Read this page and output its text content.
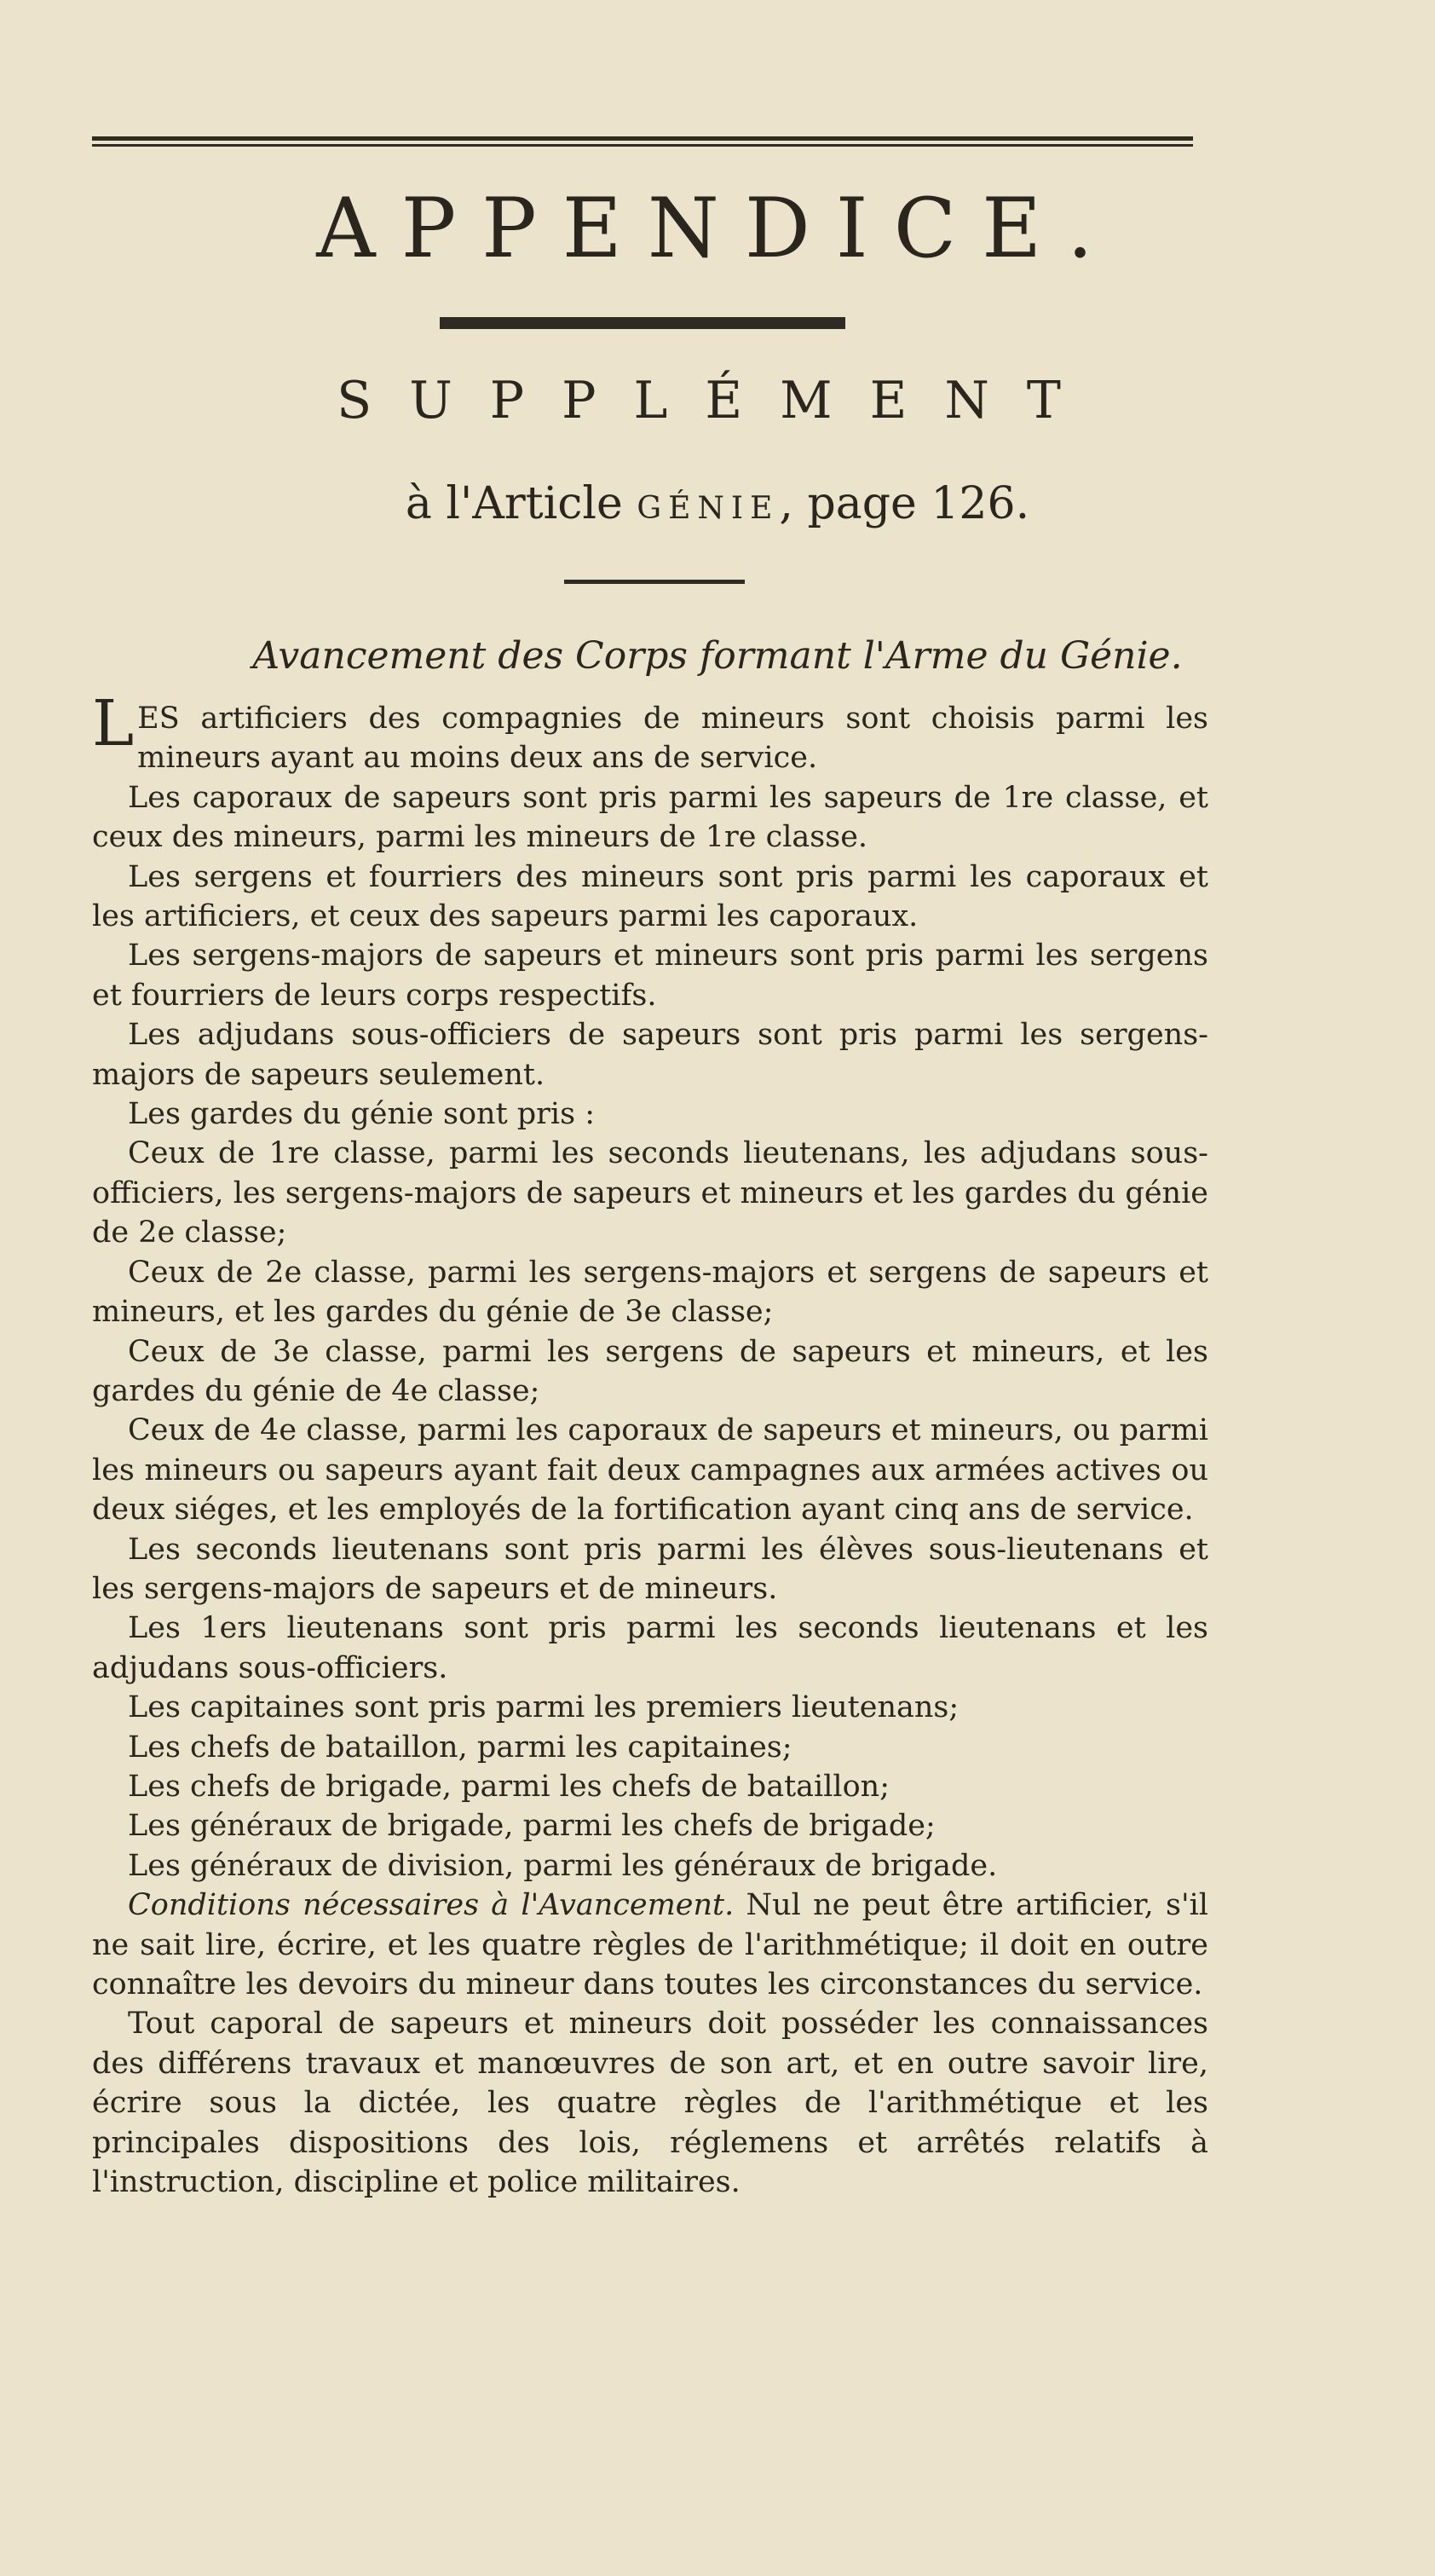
APPENDICE.
SUPPLÉMENT
à l'Article GÉNIE, page 126.
Avancement des Corps formant l'Arme du Génie.

LES artificiers des compagnies de mineurs sont choisis parmi les mineurs ayant au moins deux ans de service.

Les caporaux de sapeurs sont pris parmi les sapeurs de 1re classe, et ceux des mineurs, parmi les mineurs de 1re classe.

Les sergens et fourriers des mineurs sont pris parmi les caporaux et les artificiers, et ceux des sapeurs parmi les caporaux.

Les sergens-majors de sapeurs et mineurs sont pris parmi les sergens et fourriers de leurs corps respectifs.

Les adjudans sous-officiers de sapeurs sont pris parmi les sergens-majors de sapeurs seulement.

Les gardes du génie sont pris :

Ceux de 1re classe, parmi les seconds lieutenans, les adjudans sous-officiers, les sergens-majors de sapeurs et mineurs et les gardes du génie de 2e classe;

Ceux de 2e classe, parmi les sergens-majors et sergens de sapeurs et mineurs, et les gardes du génie de 3e classe;

Ceux de 3e classe, parmi les sergens de sapeurs et mineurs, et les gardes du génie de 4e classe;

Ceux de 4e classe, parmi les caporaux de sapeurs et mineurs, ou parmi les mineurs ou sapeurs ayant fait deux campagnes aux armées actives ou deux siéges, et les employés de la fortification ayant cinq ans de service.

Les seconds lieutenans sont pris parmi les élèves sous-lieutenans et les sergens-majors de sapeurs et de mineurs.

Les 1ers lieutenans sont pris parmi les seconds lieutenans et les adjudans sous-officiers.

Les capitaines sont pris parmi les premiers lieutenans;

Les chefs de bataillon, parmi les capitaines;

Les chefs de brigade, parmi les chefs de bataillon;

Les généraux de brigade, parmi les chefs de brigade;

Les généraux de division, parmi les généraux de brigade.

Conditions nécessaires à l'Avancement. Nul ne peut être artificier, s'il ne sait lire, écrire, et les quatre règles de l'arithmétique; il doit en outre connaître les devoirs du mineur dans toutes les circonstances du service.

Tout caporal de sapeurs et mineurs doit posséder les connaissances des différens travaux et manœuvres de son art, et en outre savoir lire, écrire sous la dictée, les quatre règles de l'arithmétique et les principales dispositions des lois, réglemens et arrêtés relatifs à l'instruction, discipline et police militaires.
